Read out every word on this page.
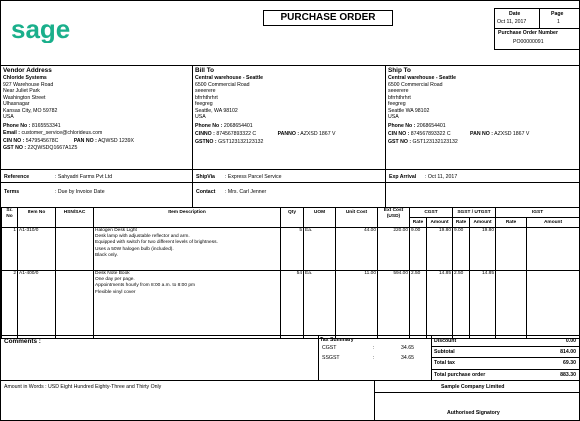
sage	PURCHASE ORDER	Date
Oct 11, 2017
Page
1
Purchase Order Number
PO00000091
Vendor Address
Chloride Systems
927 Warehouse Road
Near Juliet Park
Washington Street
Ulhasnagar
Kansas City, MO 59782
USA
Phone No : 8165553341
Email : customer_service@chlorideus.com
CIN NO : 5479545678C	PAN NO : AQWSD 1239X
GST NO : 22QWSDQ1667A1Z5
Bill To
Central warehouse - Seattle
6500 Commercial Road
seeerere
bfrrhthrhrt
feegreg
Seattle, WA 98102
USA
Phone No : 2068654401
CINNO : 874567893322 C	PANNO : AZXSD 1867 V
GSTNO : GST123132123132
Ship To
Central warehouse - Seattle
6500 Commercial Road
seeerere
bfrrhthrhrt
feegreg
Seattle WA 98102
USA
Phone No : 2068654401
CIN NO : 874567893322 C	PAN NO : AZXSD 1867 V
GST NO : GST123132123132
Reference	: Sahyadri Farms Pvt Ltd
Terms	: Due by Invoice Date
ShipVia : Express Parcel Service
Contact : Mrs. Carl Jenner
Exp Arrival : Oct 11, 2017
Sr.
No	Item No	HSN/SAC	Item Description	Qty	UOM	Unit Cost	Ext Cost
(USD)	CGST		SGST / UTGST		IGST	
								Rate	Amount	Rate	Amount	Rate	Amount
1	A1-310/0		Halogen Desk Light
Desk lamp with adjustable reflector and arm.
Equipped with switch for two different levels of brightness.
Uses a 50W halogen bulb (included).
Black only.	5	Ea.	44.00	220.00	9.00	19.80	9.00	19.80		
2	A1-400/0		Desk Note Book
One day per page.
Appointments hourly from 8:00 a.m. to 8:00 pm
Flexible vinyl cover	54	Ea.	11.00	594.00	2.50	14.85	2.50	14.85		
Comments :	Tax Summary
CGST	:	34.65
SSGST	:	34.65
Discount	0.00
Subtotal	814.00
Total tax	69.30
Total purchase order	883.30
Amount in Words : USD Eight Hundred Eighty-Three and Thirty Only	Sample Company Limited
Authorised Signatory
